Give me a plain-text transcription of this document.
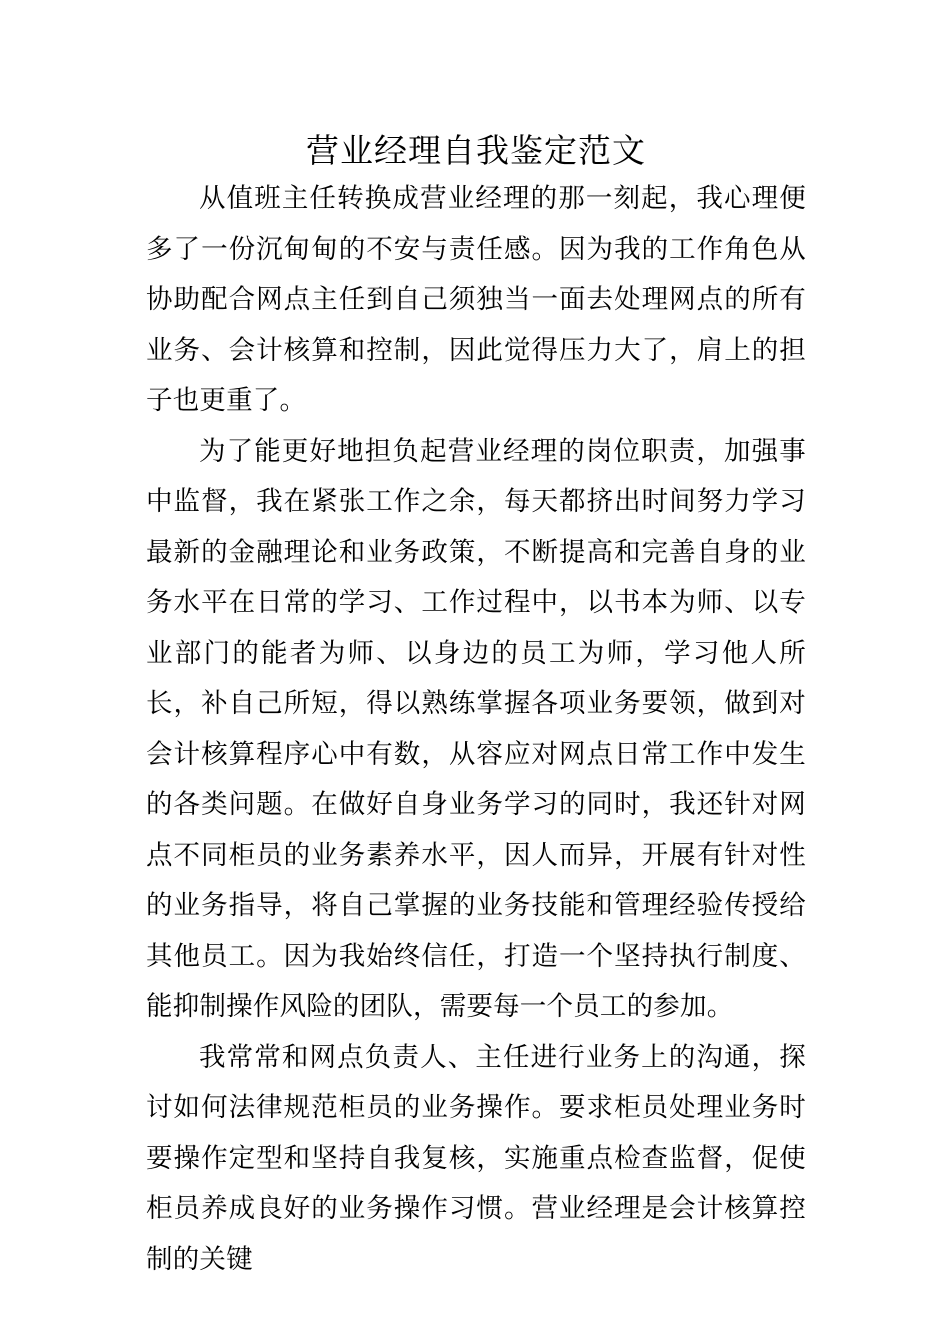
营业经理自我鉴定范文

从值班主任转换成营业经理的那一刻起，我心理便多了一份沉甸甸的不安与责任感。因为我的工作角色从协助配合网点主任到自己须独当一面去处理网点的所有业务、会计核算和控制，因此觉得压力大了，肩上的担子也更重了。

为了能更好地担负起营业经理的岗位职责，加强事中监督，我在紧张工作之余，每天都挤出时间努力学习最新的金融理论和业务政策，不断提高和完善自身的业务水平在日常的学习、工作过程中，以书本为师、以专业部门的能者为师、以身边的员工为师，学习他人所长，补自己所短，得以熟练掌握各项业务要领，做到对会计核算程序心中有数，从容应对网点日常工作中发生的各类问题。在做好自身业务学习的同时，我还针对网点不同柜员的业务素养水平，因人而异，开展有针对性的业务指导，将自己掌握的业务技能和管理经验传授给其他员工。因为我始终信任，打造一个坚持执行制度、能抑制操作风险的团队，需要每一个员工的参加。

我常常和网点负责人、主任进行业务上的沟通，探讨如何法律规范柜员的业务操作。要求柜员处理业务时要操作定型和坚持自我复核，实施重点检查监督，促使柜员养成良好的业务操作习惯。营业经理是会计核算控制的关键
